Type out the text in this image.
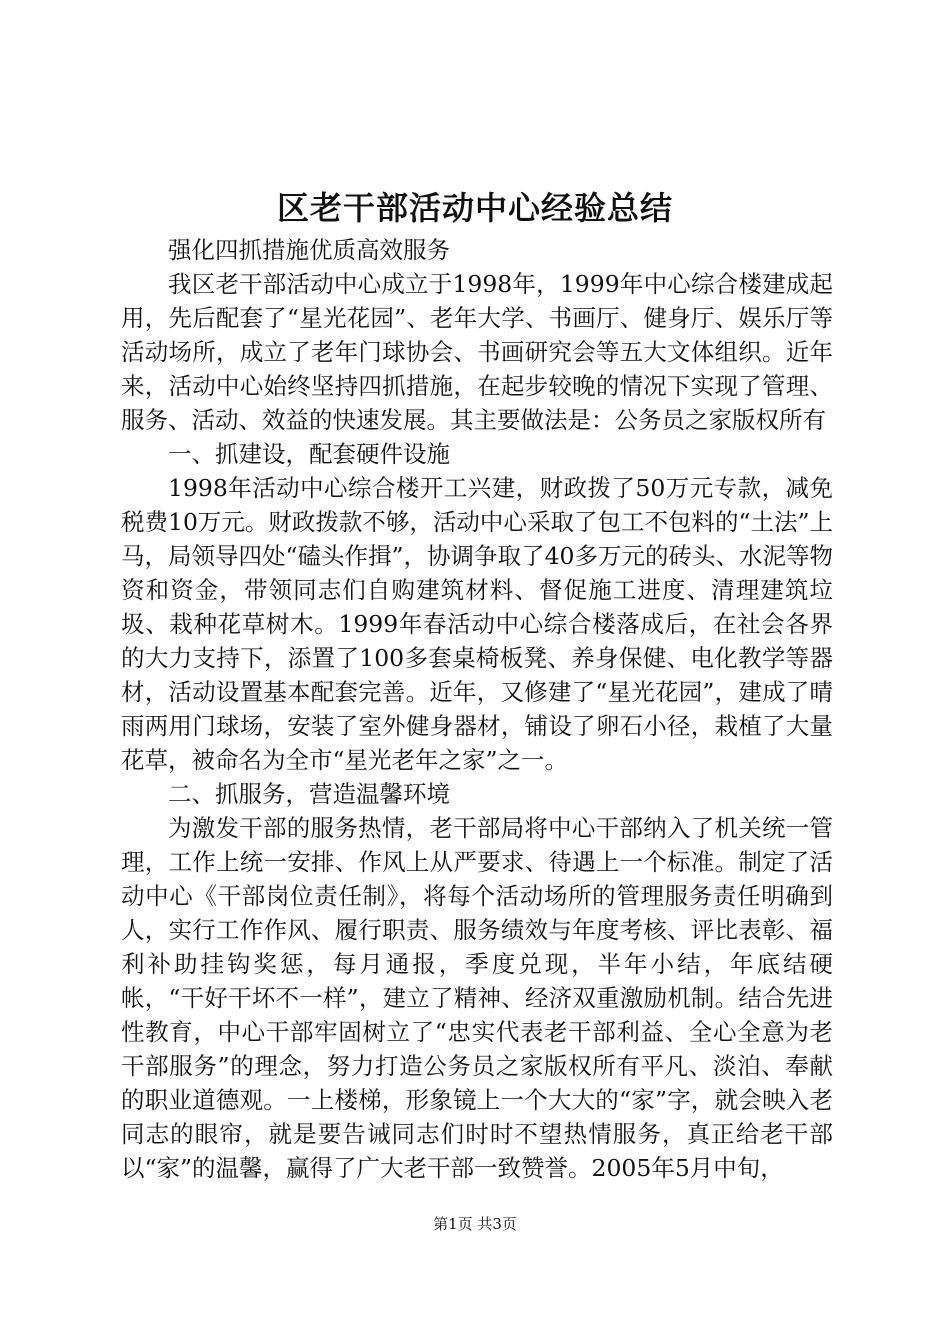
区老干部活动中心经验总结

强化四抓措施优质高效服务

我区老干部活动中心成立于1998年，1999年中心综合楼建成起用，先后配套了“星光花园”、老年大学、书画厅、健身厅、娱乐厅等活动场所，成立了老年门球协会、书画研究会等五大文体组织。近年来，活动中心始终坚持四抓措施，在起步较晚的情况下实现了管理、服务、活动、效益的快速发展。其主要做法是：公务员之家版权所有

一、抓建设，配套硬件设施

1998年活动中心综合楼开工兴建，财政拨了50万元专款，减免税费10万元。财政拨款不够，活动中心采取了包工不包料的“土法”上马，局领导四处“磕头作揖”，协调争取了40多万元的砖头、水泥等物资和资金，带领同志们自购建筑材料、督促施工进度、清理建筑垃圾、栽种花草树木。1999年春活动中心综合楼落成后，在社会各界的大力支持下，添置了100多套桌椅板凳、养身保健、电化教学等器材，活动设置基本配套完善。近年，又修建了“星光花园”，建成了晴雨两用门球场，安装了室外健身器材，铺设了卵石小径，栽植了大量花草，被命名为全市“星光老年之家”之一。

二、抓服务，营造温馨环境

为激发干部的服务热情，老干部局将中心干部纳入了机关统一管理，工作上统一安排、作风上从严要求、待遇上一个标准。制定了活动中心《干部岗位责任制》，将每个活动场所的管理服务责任明确到人，实行工作作风、履行职责、服务绩效与年度考核、评比表彰、福利补助挂钩奖惩，每月通报，季度兑现，半年小结，年底结硬帐，“干好干坏不一样”，建立了精神、经济双重激励机制。结合先进性教育，中心干部牢固树立了“忠实代表老干部利益、全心全意为老干部服务”的理念，努力打造公务员之家版权所有平凡、淡泊、奉献的职业道德观。一上楼梯，形象镜上一个大大的“家”字，就会映入老同志的眼帘，就是要告诫同志们时时不望热情服务，真正给老干部以“家”的温馨，赢得了广大老干部一致赞誉。2005年5月中旬，

第1页 共3页
